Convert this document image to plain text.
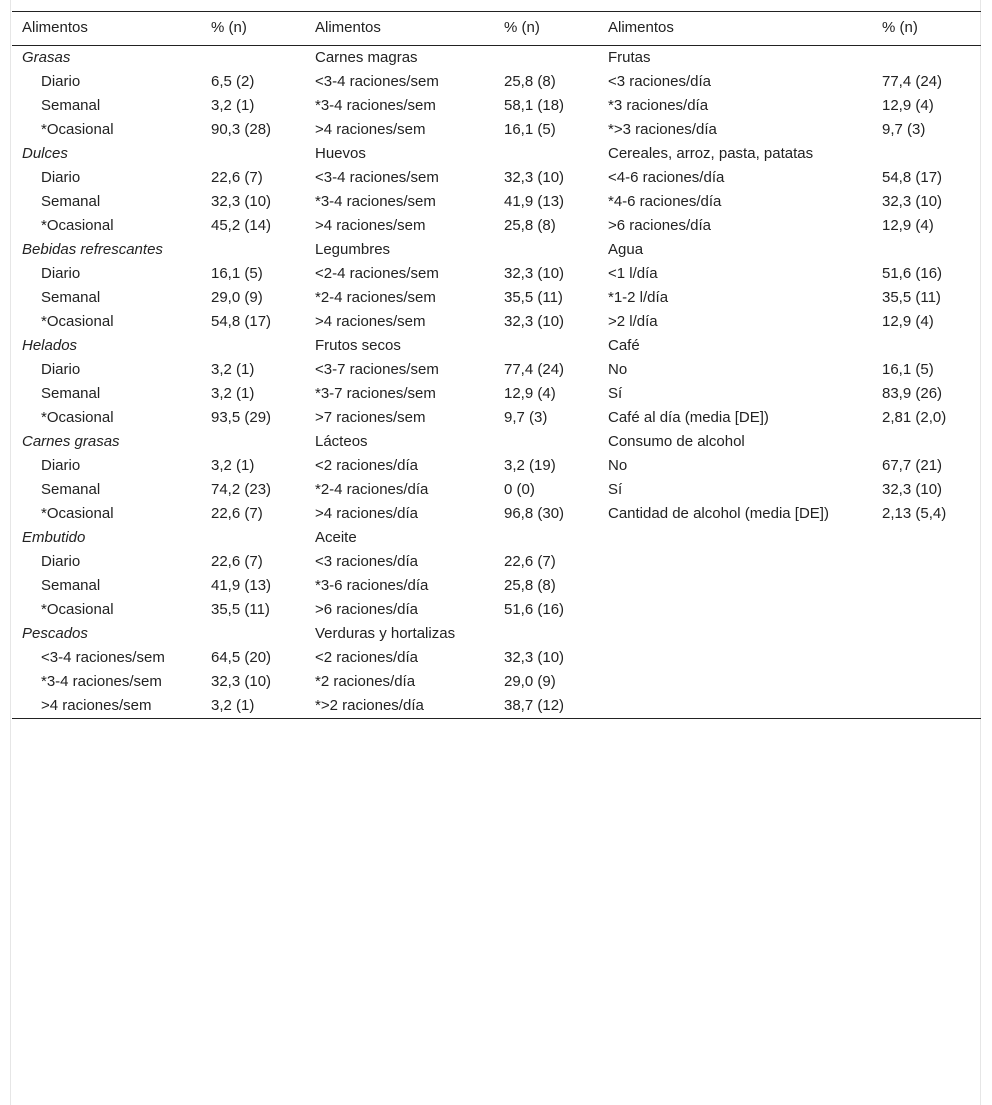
Alimentos	% (n)	Alimentos	% (n)	Alimentos	% (n)
Grasas		Carnes magras		Frutas	
Diario	6,5 (2)	<3-4 raciones/sem	25,8 (8)	<3 raciones/día	77,4 (24)
Semanal	3,2 (1)	*3-4 raciones/sem	58,1 (18)	*3 raciones/día	12,9 (4)
*Ocasional	90,3 (28)	>4 raciones/sem	16,1 (5)	*>3 raciones/día	9,7 (3)
Dulces		Huevos		Cereales, arroz, pasta, patatas	
Diario	22,6 (7)	<3-4 raciones/sem	32,3 (10)	<4-6 raciones/día	54,8 (17)
Semanal	32,3 (10)	*3-4 raciones/sem	41,9 (13)	*4-6 raciones/día	32,3 (10)
*Ocasional	45,2 (14)	>4 raciones/sem	25,8 (8)	>6 raciones/día	12,9 (4)
Bebidas refrescantes		Legumbres		Agua	
Diario	16,1 (5)	<2-4 raciones/sem	32,3 (10)	<1 l/día	51,6 (16)
Semanal	29,0 (9)	*2-4 raciones/sem	35,5 (11)	*1-2 l/día	35,5 (11)
*Ocasional	54,8 (17)	>4 raciones/sem	32,3 (10)	>2 l/día	12,9 (4)
Helados		Frutos secos		Café	
Diario	3,2 (1)	<3-7 raciones/sem	77,4 (24)	No	16,1 (5)
Semanal	3,2 (1)	*3-7 raciones/sem	12,9 (4)	Sí	83,9 (26)
*Ocasional	93,5 (29)	>7 raciones/sem	9,7 (3)	Café al día (media [DE])	2,81 (2,0)
Carnes grasas		Lácteos		Consumo de alcohol	
Diario	3,2 (1)	<2 raciones/día	3,2 (19)	No	67,7 (21)
Semanal	74,2 (23)	*2-4 raciones/día	0 (0)	Sí	32,3 (10)
*Ocasional	22,6 (7)	>4 raciones/día	96,8 (30)	Cantidad de alcohol (media [DE])	2,13 (5,4)
Embutido		Aceite			
Diario	22,6 (7)	<3 raciones/día	22,6 (7)		
Semanal	41,9 (13)	*3-6 raciones/día	25,8 (8)		
*Ocasional	35,5 (11)	>6 raciones/día	51,6 (16)		
Pescados		Verduras y hortalizas			
<3-4 raciones/sem	64,5 (20)	<2 raciones/día	32,3 (10)		
*3-4 raciones/sem	32,3 (10)	*2 raciones/día	29,0 (9)		
>4 raciones/sem	3,2 (1)	*>2 raciones/día	38,7 (12)		
